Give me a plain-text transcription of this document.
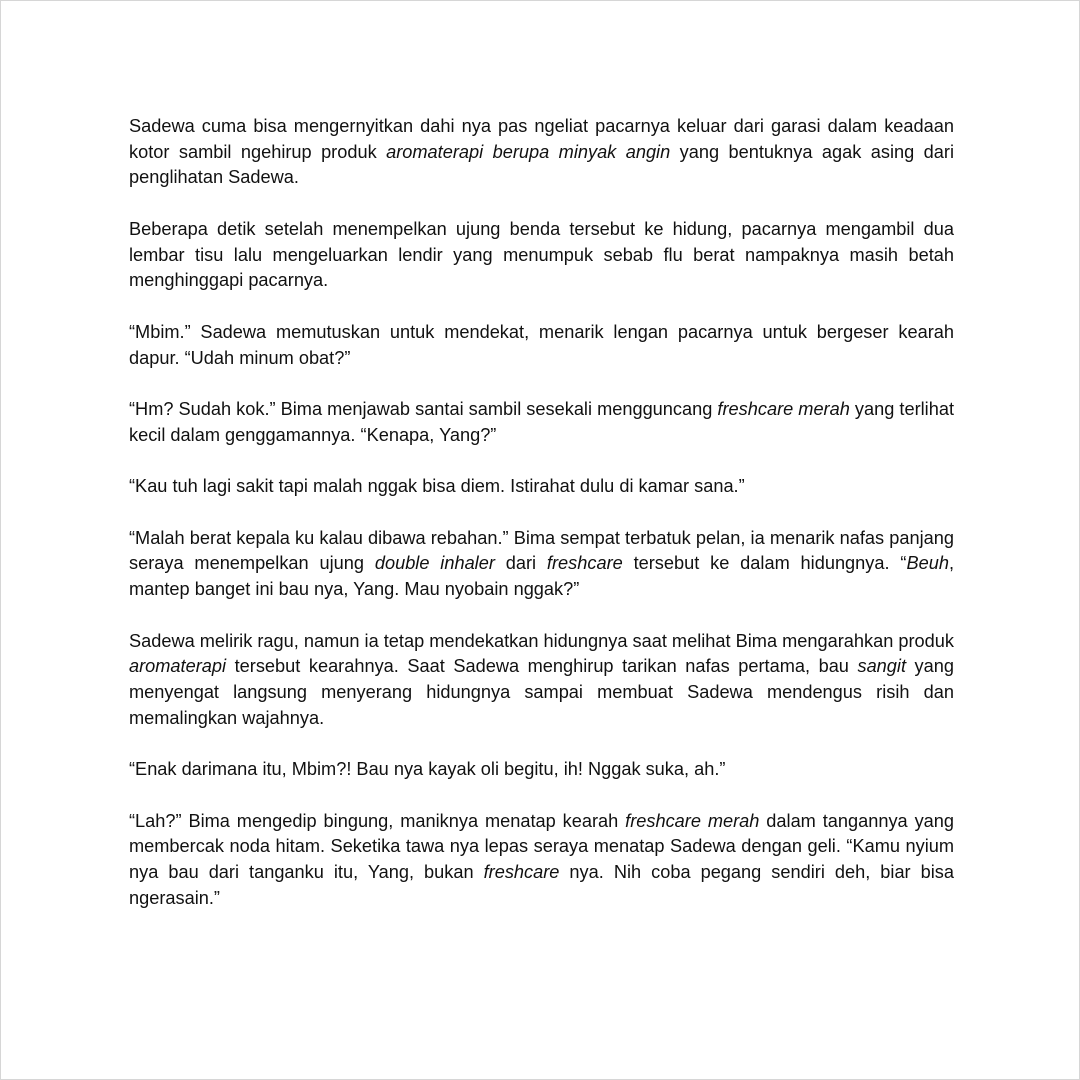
Sadewa cuma bisa mengernyitkan dahi nya pas ngeliat pacarnya keluar dari garasi dalam keadaan kotor sambil ngehirup produk aromaterapi berupa minyak angin yang bentuknya agak asing dari penglihatan Sadewa.

Beberapa detik setelah menempelkan ujung benda tersebut ke hidung, pacarnya mengambil dua lembar tisu lalu mengeluarkan lendir yang menumpuk sebab flu berat nampaknya masih betah menghinggapi pacarnya.

“Mbim.” Sadewa memutuskan untuk mendekat, menarik lengan pacarnya untuk bergeser kearah dapur. “Udah minum obat?”

“Hm? Sudah kok.” Bima menjawab santai sambil sesekali mengguncang freshcare merah yang terlihat kecil dalam genggamannya. “Kenapa, Yang?”

“Kau tuh lagi sakit tapi malah nggak bisa diem. Istirahat dulu di kamar sana.”

“Malah berat kepala ku kalau dibawa rebahan.” Bima sempat terbatuk pelan, ia menarik nafas panjang seraya menempelkan ujung double inhaler dari freshcare tersebut ke dalam hidungnya. “Beuh, mantep banget ini bau nya, Yang. Mau nyobain nggak?”

Sadewa melirik ragu, namun ia tetap mendekatkan hidungnya saat melihat Bima mengarahkan produk aromaterapi tersebut kearahnya. Saat Sadewa menghirup tarikan nafas pertama, bau sangit yang menyengat langsung menyerang hidungnya sampai membuat Sadewa mendengus risih dan memalingkan wajahnya.

“Enak darimana itu, Mbim?! Bau nya kayak oli begitu, ih! Nggak suka, ah.”

“Lah?” Bima mengedip bingung, maniknya menatap kearah freshcare merah dalam tangannya yang membercak noda hitam. Seketika tawa nya lepas seraya menatap Sadewa dengan geli. “Kamu nyium nya bau dari tanganku itu, Yang, bukan freshcare nya. Nih coba pegang sendiri deh, biar bisa ngerasain.”
